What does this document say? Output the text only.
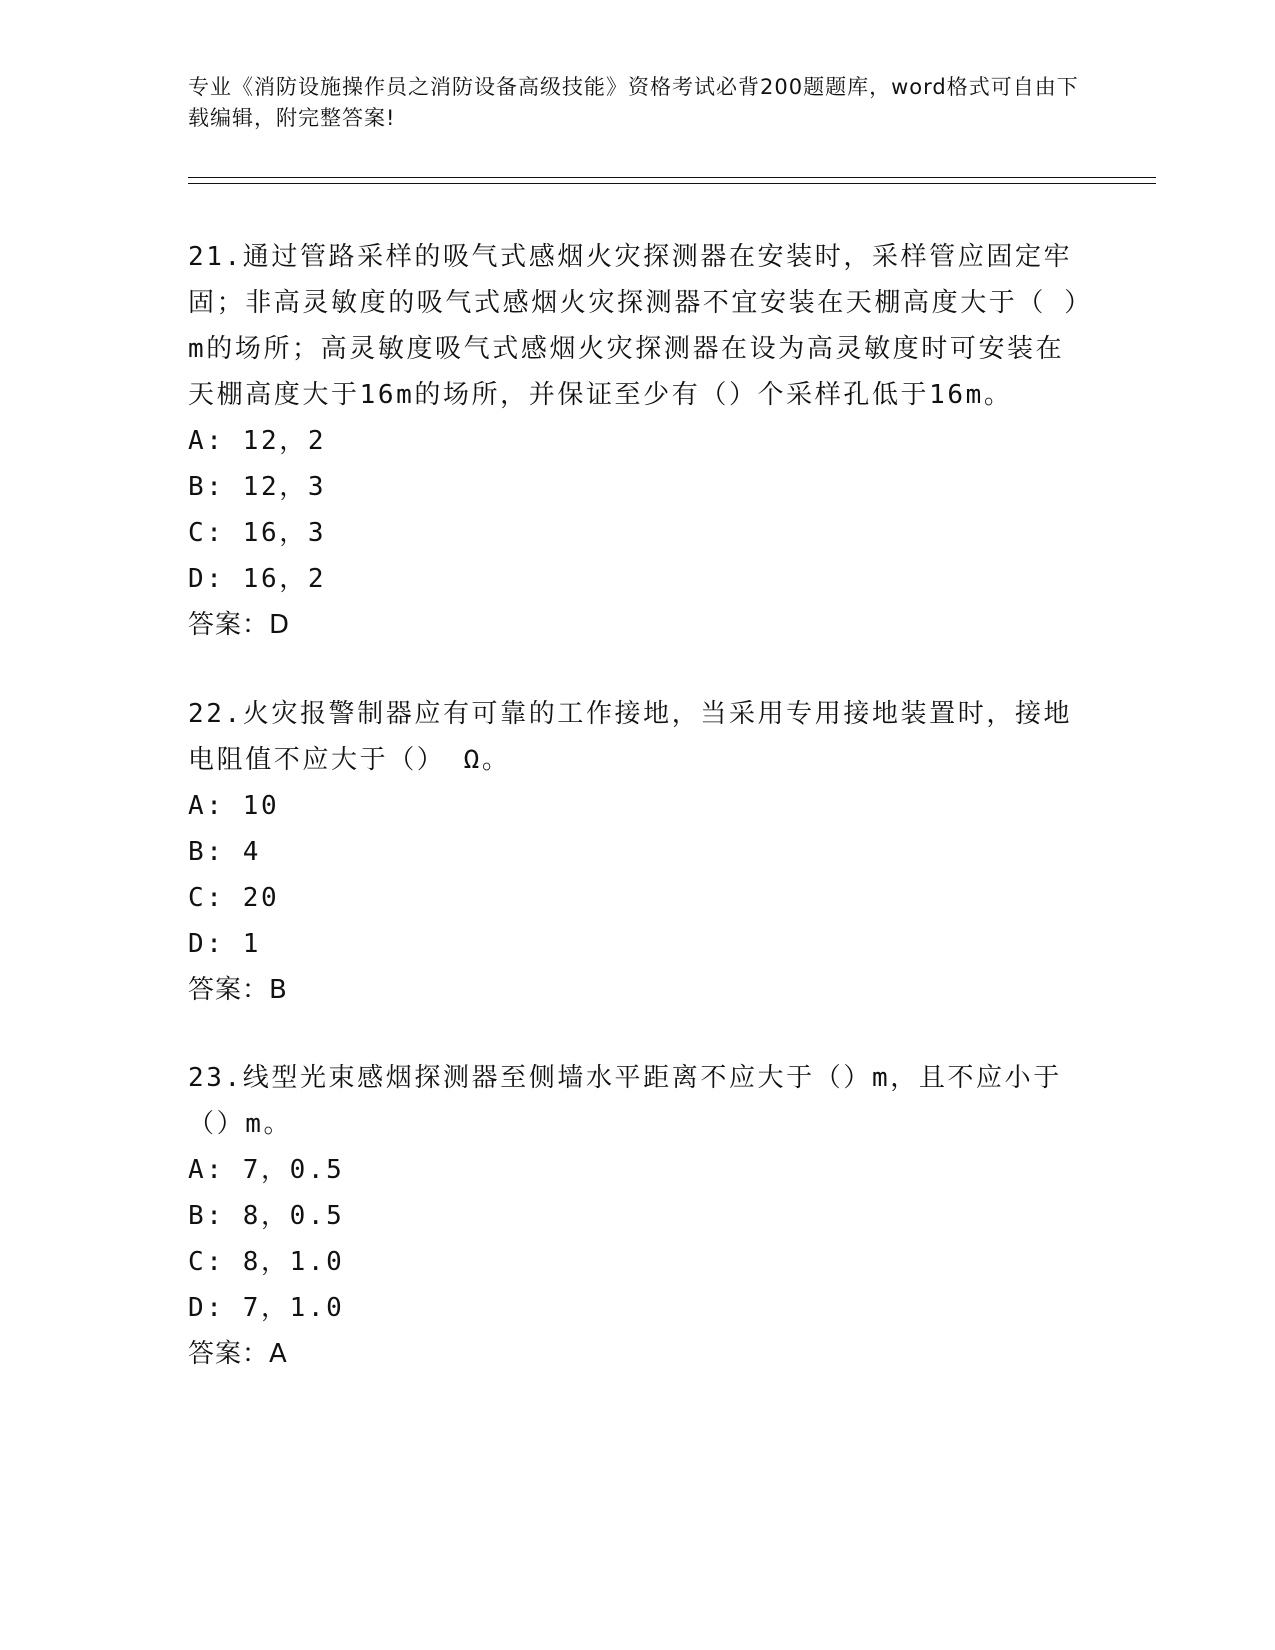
专业《消防设施操作员之消防设备高级技能》资格考试必背200题题库，word格式可自由下载编辑，附完整答案!

21.通过管路采样的吸气式感烟火灾探测器在安装时，采样管应固定牢固；非高灵敏度的吸气式感烟火灾探测器不宜安装在天棚高度大于（ ）m的场所；高灵敏度吸气式感烟火灾探测器在设为高灵敏度时可安装在天棚高度大于16m的场所，并保证至少有（）个采样孔低于16m。

A: 12，2

B: 12，3

C: 16，3

D: 16，2

答案：D

22.火灾报警制器应有可靠的工作接地，当采用专用接地装置时，接地电阻值不应大于（） Ω。

A: 10

B: 4

C: 20

D: 1

答案：B

23.线型光束感烟探测器至侧墙水平距离不应大于（）m，且不应小于（）m。

A: 7，0.5

B: 8，0.5

C: 8，1.0

D: 7，1.0

答案：A
